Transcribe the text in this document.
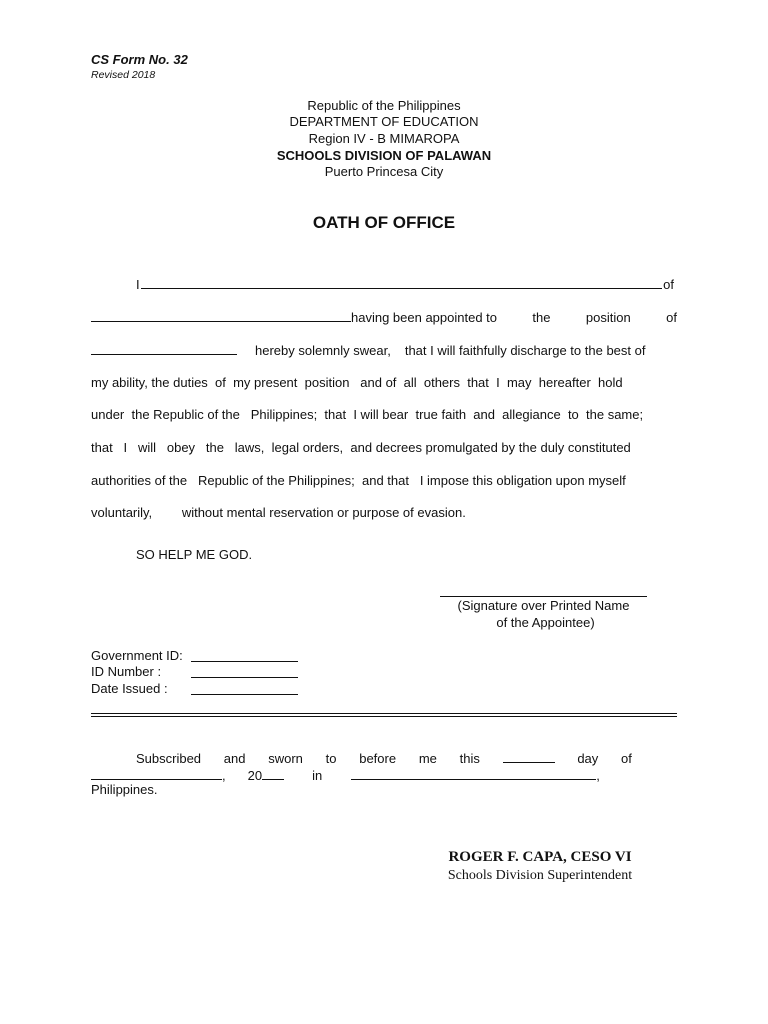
CS Form No. 32
Revised 2018
Republic of the Philippines
DEPARTMENT OF EDUCATION
Region IV - B MIMAROPA
SCHOOLS DIVISION OF PALAWAN
Puerto Princesa City
OATH OF OFFICE
I	of
having been appointed to	the	position	of
hereby solemnly swear, that I will faithfully discharge to the best of
my ability, the duties  of  my present  position   and of  all  others  that  I  may  hereafter  hold
under  the Republic of the   Philippines;  that  I will bear  true faith  and  allegiance  to  the same;
that   I   will   obey   the   laws,  legal orders,  and decrees promulgated by the duly constituted
authorities of the   Republic of the Philippines;  and that   I impose this obligation upon myself
voluntarily, without mental reservation or purpose of evasion.
SO HELP ME GOD.
(Signature over Printed Name
of the Appointee)
Government ID:
ID Number :
Date Issued :
Subscribed and sworn to before me this	day of
, 20	in	,
Philippines.
ROGER F. CAPA, CESO VI
Schools Division Superintendent
